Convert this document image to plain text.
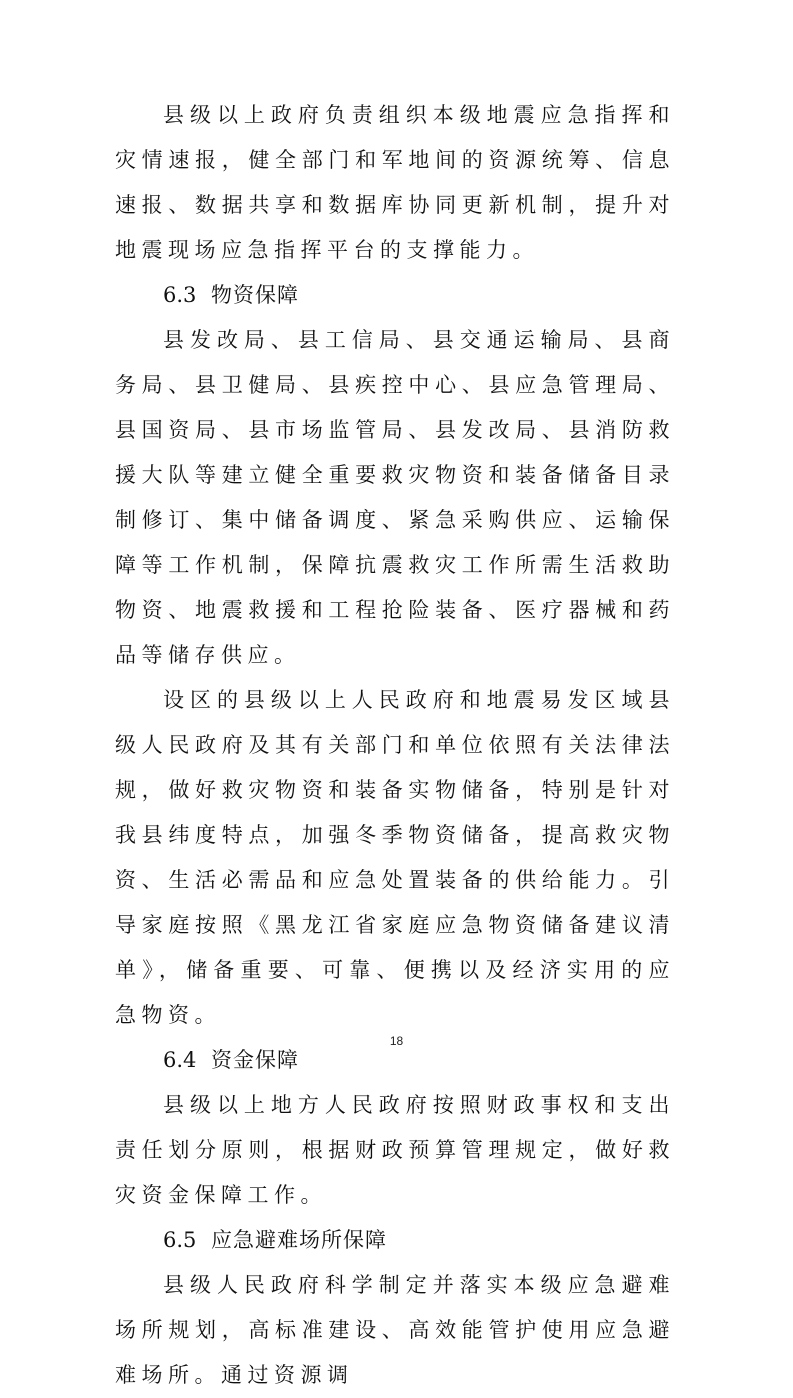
县级以上政府负责组织本级地震应急指挥和灾情速报，健全部门和军地间的资源统筹、信息速报、数据共享和数据库协同更新机制，提升对地震现场应急指挥平台的支撑能力。

6.3 物资保障

县发改局、县工信局、县交通运输局、县商务局、县卫健局、县疾控中心、县应急管理局、县国资局、县市场监管局、县发改局、县消防救援大队等建立健全重要救灾物资和装备储备目录制修订、集中储备调度、紧急采购供应、运输保障等工作机制，保障抗震救灾工作所需生活救助物资、地震救援和工程抢险装备、医疗器械和药品等储存供应。

设区的县级以上人民政府和地震易发区域县级人民政府及其有关部门和单位依照有关法律法规，做好救灾物资和装备实物储备，特别是针对我县纬度特点，加强冬季物资储备，提高救灾物资、生活必需品和应急处置装备的供给能力。引导家庭按照《黑龙江省家庭应急物资储备建议清单》，储备重要、可靠、便携以及经济实用的应急物资。

6.4 资金保障

县级以上地方人民政府按照财政事权和支出责任划分原则，根据财政预算管理规定，做好救灾资金保障工作。

6.5 应急避难场所保障

县级人民政府科学制定并落实本级应急避难场所规划，高标准建设、高效能管护使用应急避难场所。通过资源调

18
